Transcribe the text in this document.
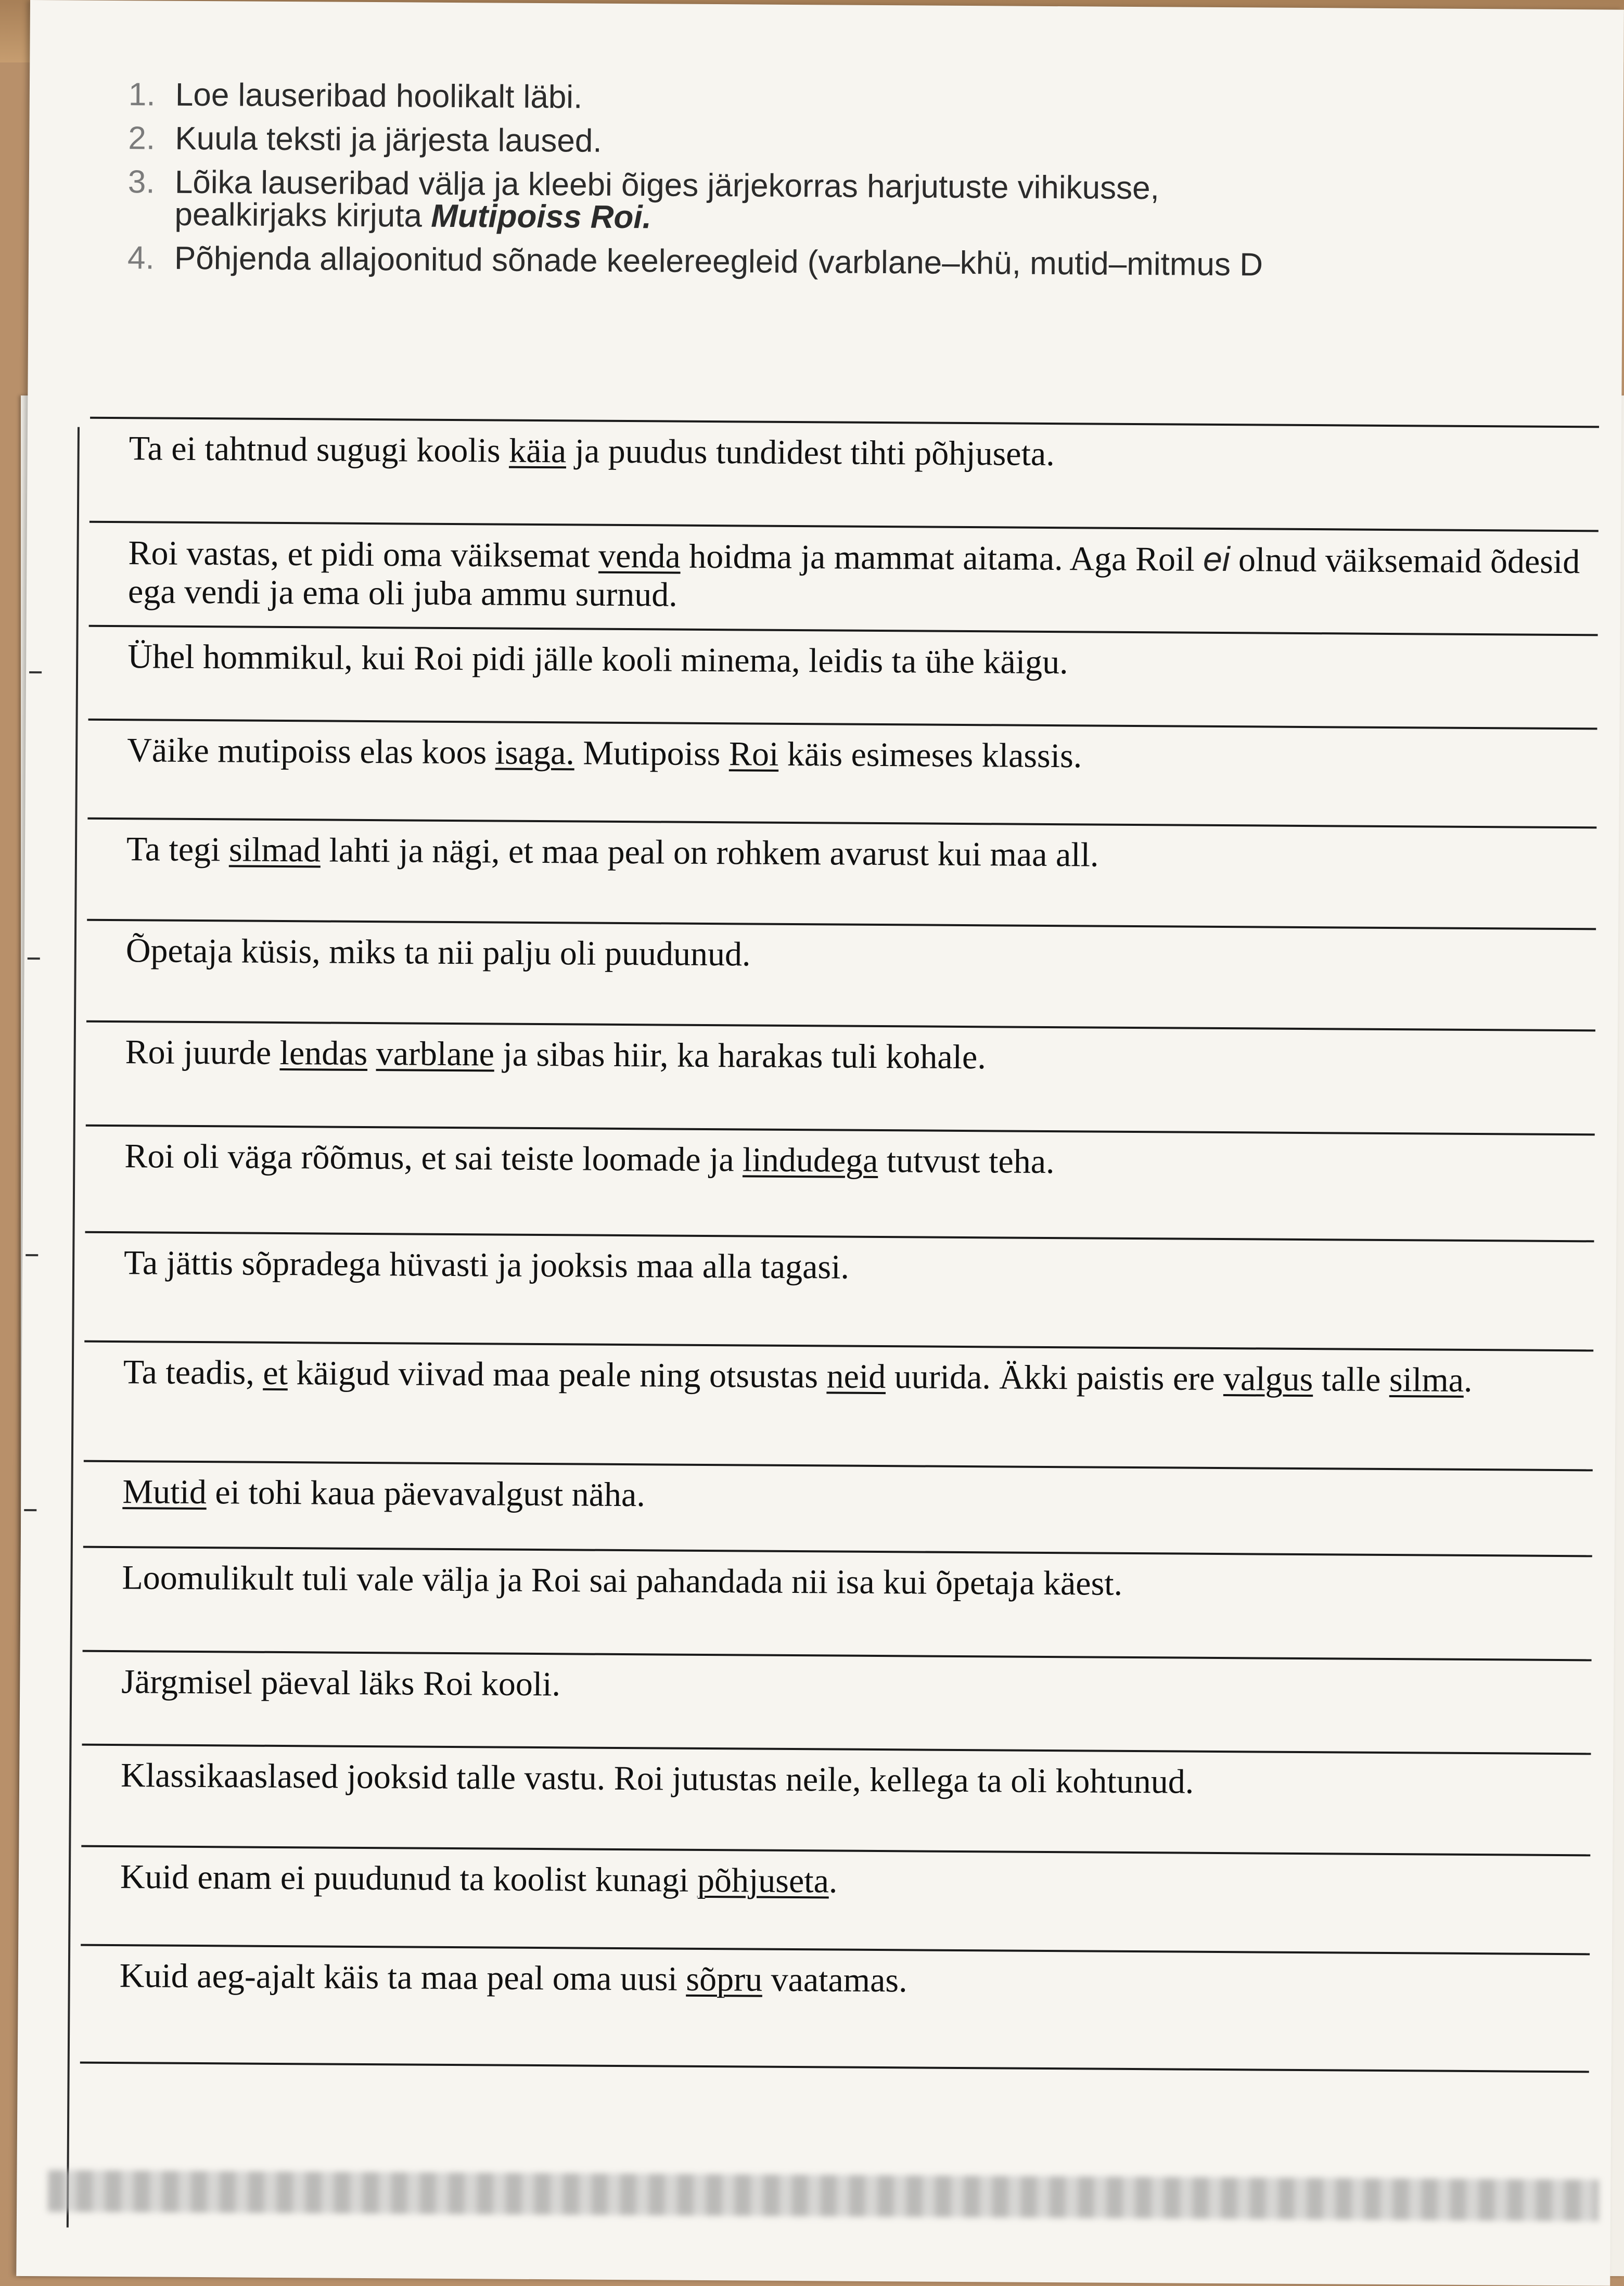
1. Loe lauseribad hoolikalt läbi.
2. Kuula teksti ja järjesta laused.
3. Lõika lauseribad välja ja kleebi õiges järjekorras harjutuste vihikusse,
pealkirjaks kirjuta Mutipoiss Roi.
4. Põhjenda allajoonitud sõnade keelereegleid (varblane–khü, mutid–mitmus D
Ta ei tahtnud sugugi koolis käia ja puudus tundidest tihti põhjuseta.
Roi vastas, et pidi oma väiksemat venda hoidma ja mammat aitama. Aga Roil ei olnud väiksemaid õdesid ega vendi ja ema oli juba ammu surnud.
Ühel hommikul, kui Roi pidi jälle kooli minema, leidis ta ühe käigu.
Väike mutipoiss elas koos isaga. Mutipoiss Roi käis esimeses klassis.
Ta tegi silmad lahti ja nägi, et maa peal on rohkem avarust kui maa all.
Õpetaja küsis, miks ta nii palju oli puudunud.
Roi juurde lendas varblane ja sibas hiir, ka harakas tuli kohale.
Roi oli väga rõõmus, et sai teiste loomade ja lindudega tutvust teha.
Ta jättis sõpradega hüvasti ja jooksis maa alla tagasi.
Ta teadis, et käigud viivad maa peale ning otsustas neid uurida. Äkki paistis ere valgus talle silma.
Mutid ei tohi kaua päevavalgust näha.
Loomulikult tuli vale välja ja Roi sai pahandada nii isa kui õpetaja käest.
Järgmisel päeval läks Roi kooli.
Klassikaaslased jooksid talle vastu. Roi jutustas neile, kellega ta oli kohtunud.
Kuid enam ei puudunud ta koolist kunagi põhjuseta.
Kuid aeg-ajalt käis ta maa peal oma uusi sõpru vaatamas.
